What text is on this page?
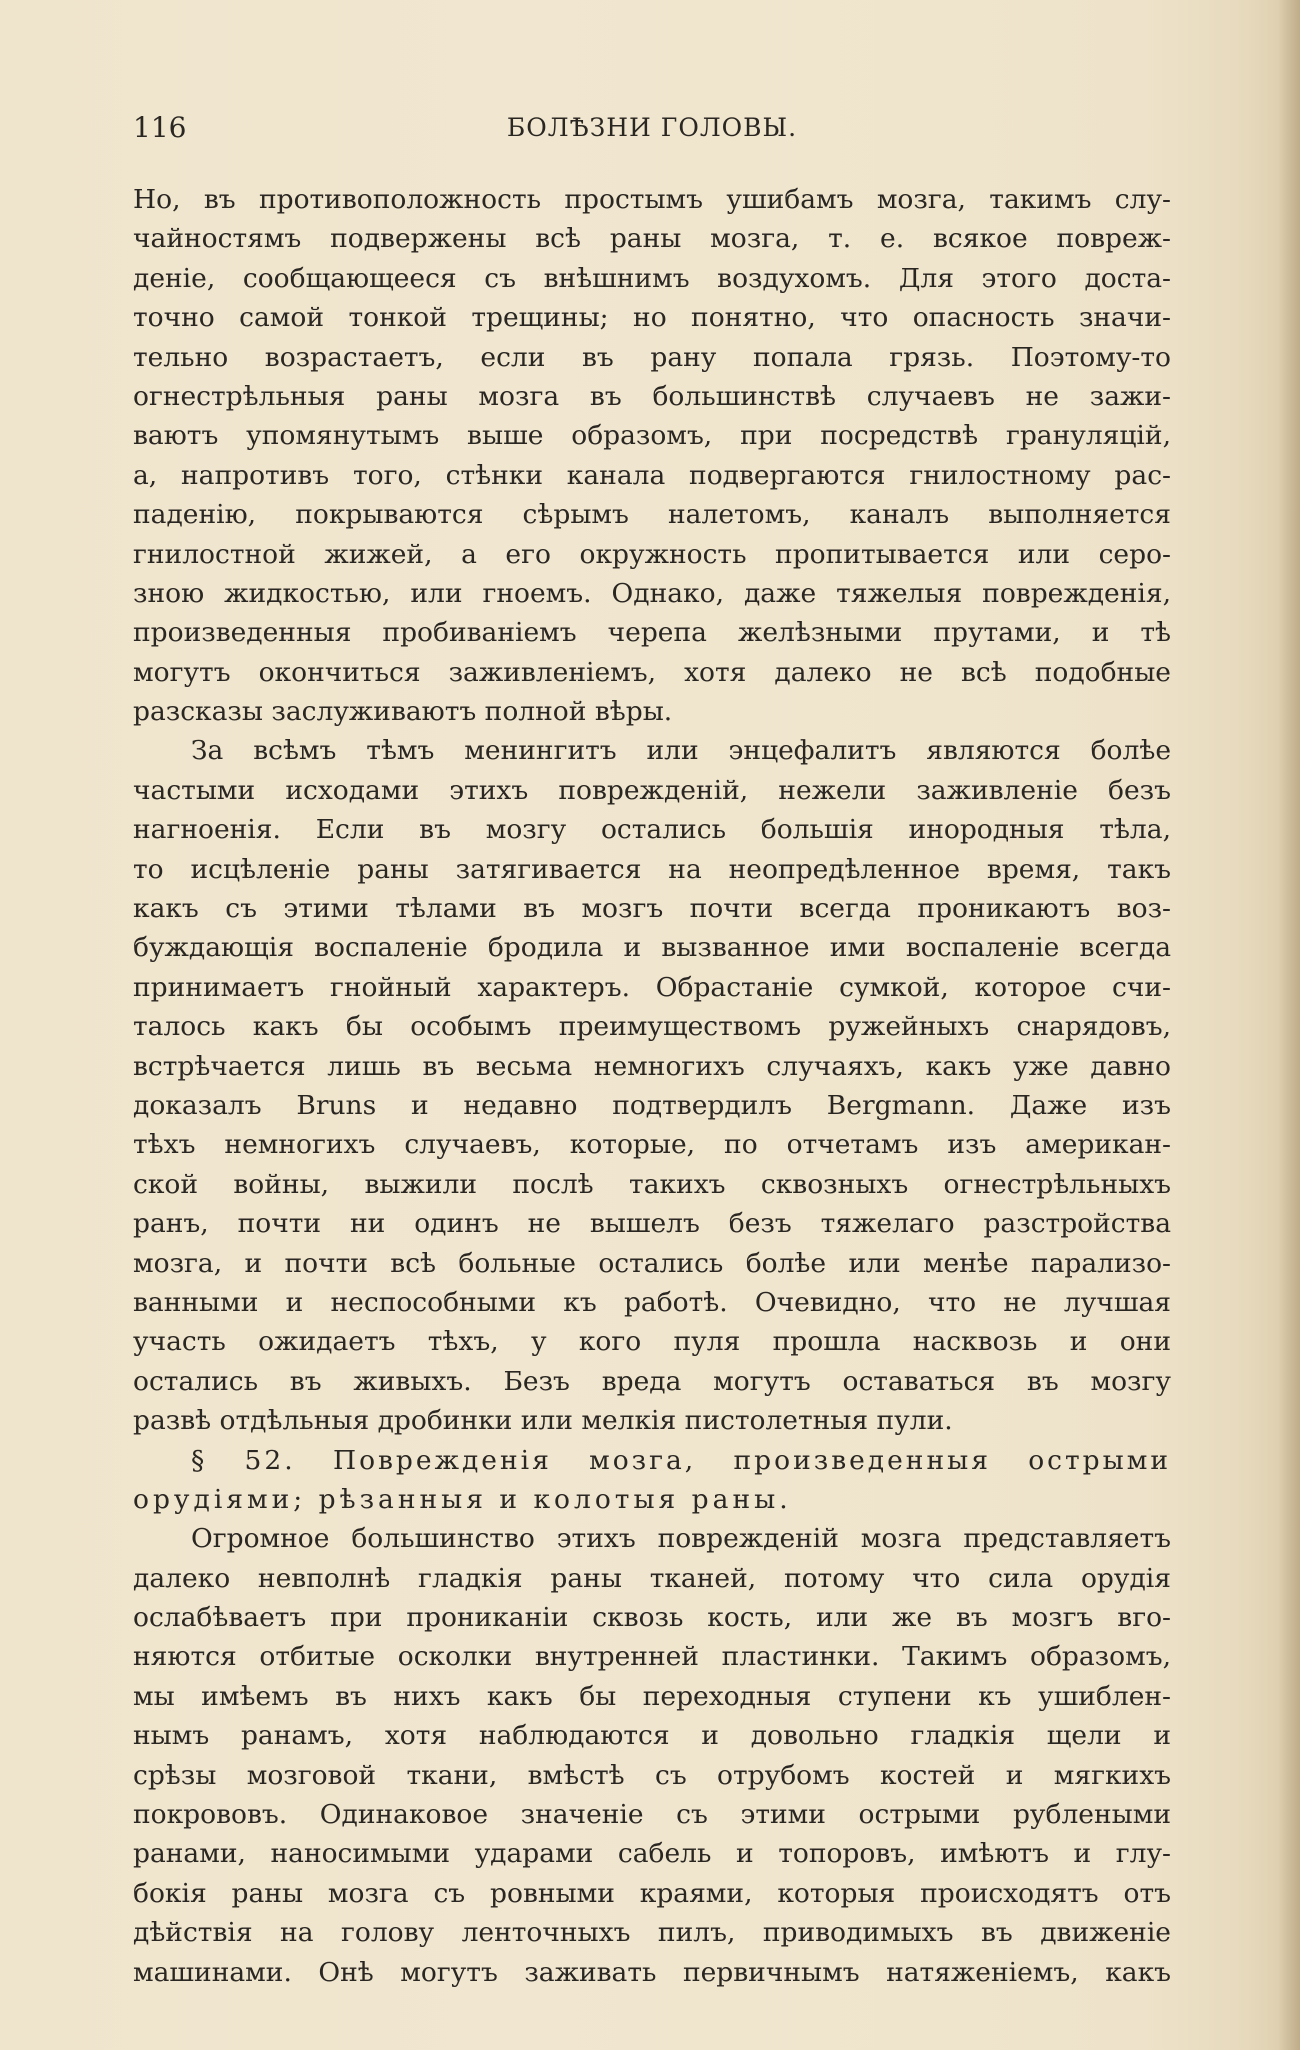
116	БОЛѢЗНИ ГОЛОВЫ.
Но, въ противоположность простымъ ушибамъ мозга, такимъ слу-
чайностямъ подвержены всѣ раны мозга, т. е. всякое повреж-
деніе, сообщающееся съ внѣшнимъ воздухомъ. Для этого доста-
точно самой тонкой трещины; но понятно, что опасность значи-
тельно возрастаетъ, если въ рану попала грязь. Поэтому-то
огнестрѣльныя раны мозга въ большинствѣ случаевъ не зажи-
ваютъ упомянутымъ выше образомъ, при посредствѣ грануляцій,
а, напротивъ того, стѣнки канала подвергаются гнилостному рас-
паденію, покрываются сѣрымъ налетомъ, каналъ выполняется
гнилостной жижей, а его окружность пропитывается или серо-
зною жидкостью, или гноемъ. Однако, даже тяжелыя поврежденія,
произведенныя пробиваніемъ черепа желѣзными прутами, и тѣ
могутъ окончиться заживленіемъ, хотя далеко не всѣ подобные
разсказы заслуживаютъ полной вѣры.
За всѣмъ тѣмъ менингитъ или энцефалитъ являются болѣе
частыми исходами этихъ поврежденій, нежели заживленіе безъ
нагноенія. Если въ мозгу остались большія инородныя тѣла,
то исцѣленіе раны затягивается на неопредѣленное время, такъ
какъ съ этими тѣлами въ мозгъ почти всегда проникаютъ воз-
буждающія воспаленіе бродила и вызванное ими воспаленіе всегда
принимаетъ гнойный характеръ. Обрастаніе сумкой, которое счи-
талось какъ бы особымъ преимуществомъ ружейныхъ снарядовъ,
встрѣчается лишь въ весьма немногихъ случаяхъ, какъ уже давно
доказалъ Bruns и недавно подтвердилъ Bergmann. Даже изъ
тѣхъ немногихъ случаевъ, которые, по отчетамъ изъ американ-
ской войны, выжили послѣ такихъ сквозныхъ огнестрѣльныхъ
ранъ, почти ни одинъ не вышелъ безъ тяжелаго разстройства
мозга, и почти всѣ больные остались болѣе или менѣе парализо-
ванными и неспособными къ работѣ. Очевидно, что не лучшая
участь ожидаетъ тѣхъ, у кого пуля прошла насквозь и они
остались въ живыхъ. Безъ вреда могутъ оставаться въ мозгу
развѣ отдѣльныя дробинки или мелкія пистолетныя пули.
§ 52. Поврежденія мозга, произведенныя острыми
орудіями; рѣзанныя и колотыя раны.
Огромное большинство этихъ поврежденій мозга представляетъ
далеко невполнѣ гладкія раны тканей, потому что сила орудія
ослабѣваетъ при проникaніи сквозь кость, или же въ мозгъ вго-
няются отбитые осколки внутренней пластинки. Такимъ образомъ,
мы имѣемъ въ нихъ какъ бы переходныя ступени къ ушиблен-
нымъ ранамъ, хотя наблюдаются и довольно гладкія щели и
срѣзы мозговой ткани, вмѣстѣ съ отрубомъ костей и мягкихъ
покрововъ. Одинаковое значеніе съ этими острыми рублеными
ранами, наносимыми ударами сабель и топоровъ, имѣютъ и глу-
бокія раны мозга съ ровными краями, которыя происходятъ отъ
дѣйствія на голову ленточныхъ пилъ, приводимыхъ въ движеніе
машинами. Онѣ могутъ заживать первичнымъ натяженіемъ, какъ
